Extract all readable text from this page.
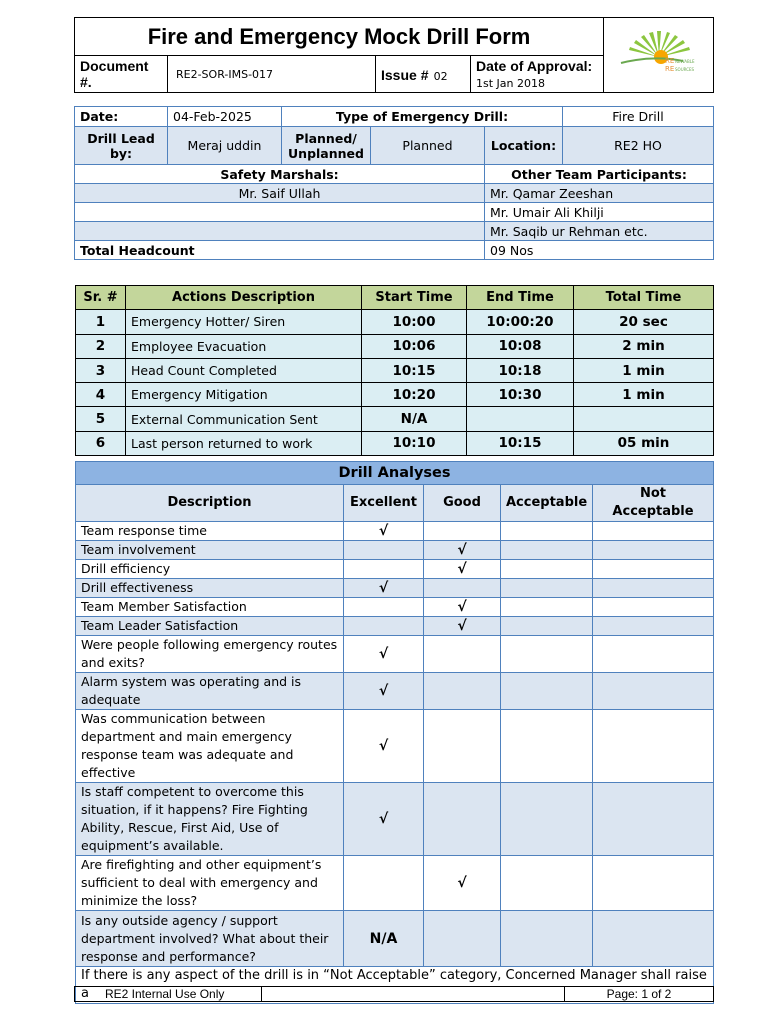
Fire and Emergency Mock Drill Form				RE NEWABLE
RE SOURCES

Document #.	RE2-SOR-IMS-017	Issue # 02	Date of Approval: 1st Jan 2018	
Date:	04-Feb-2025	Type of Emergency Drill:			Fire Drill
Drill Lead by:	Meraj uddin	Planned/ Unplanned	Planned	Location:	RE2 HO
Safety Marshals:				Other Team Participants:	
Mr. Saif Ullah				Mr. Qamar Zeeshan	
				Mr. Umair Ali Khilji	
				Mr. Saqib ur Rehman etc.	
Total Headcount				09 Nos	
Sr. #	Actions Description	Start Time	End Time	Total Time
1	Emergency Hotter/ Siren	10:00	10:00:20	20 sec
2	Employee Evacuation	10:06	10:08	2 min
3	Head Count Completed	10:15	10:18	1 min
4	Emergency Mitigation	10:20	10:30	1 min
5	External Communication Sent	N/A		
6	Last person returned to work	10:10	10:15	05 min
Drill Analyses				
Description	Excellent	Good	Acceptable	Not Acceptable
Team response time	√			
Team involvement		√		
Drill efficiency		√		
Drill effectiveness	√			
Team Member Satisfaction		√		
Team Leader Satisfaction		√		
Were people following emergency routes and exits?	√			
Alarm system was operating and is adequate	√			
Was communication between department and main emergency response team was adequate and effective	√			
Is staff competent to overcome this situation, if it happens? Fire Fighting Ability, Rescue, First Aid, Use of equipment’s available.	√			
Are firefighting and other equipment’s sufficient to deal with emergency and minimize the loss?		√		
Is any outside agency / support department involved? What about their response and performance?	N/A			
If there is any aspect of the drill is in “Not Acceptable” category, Concerned Manager shall raise a				RE2 Internal Use Only		Page: 1 of 2
